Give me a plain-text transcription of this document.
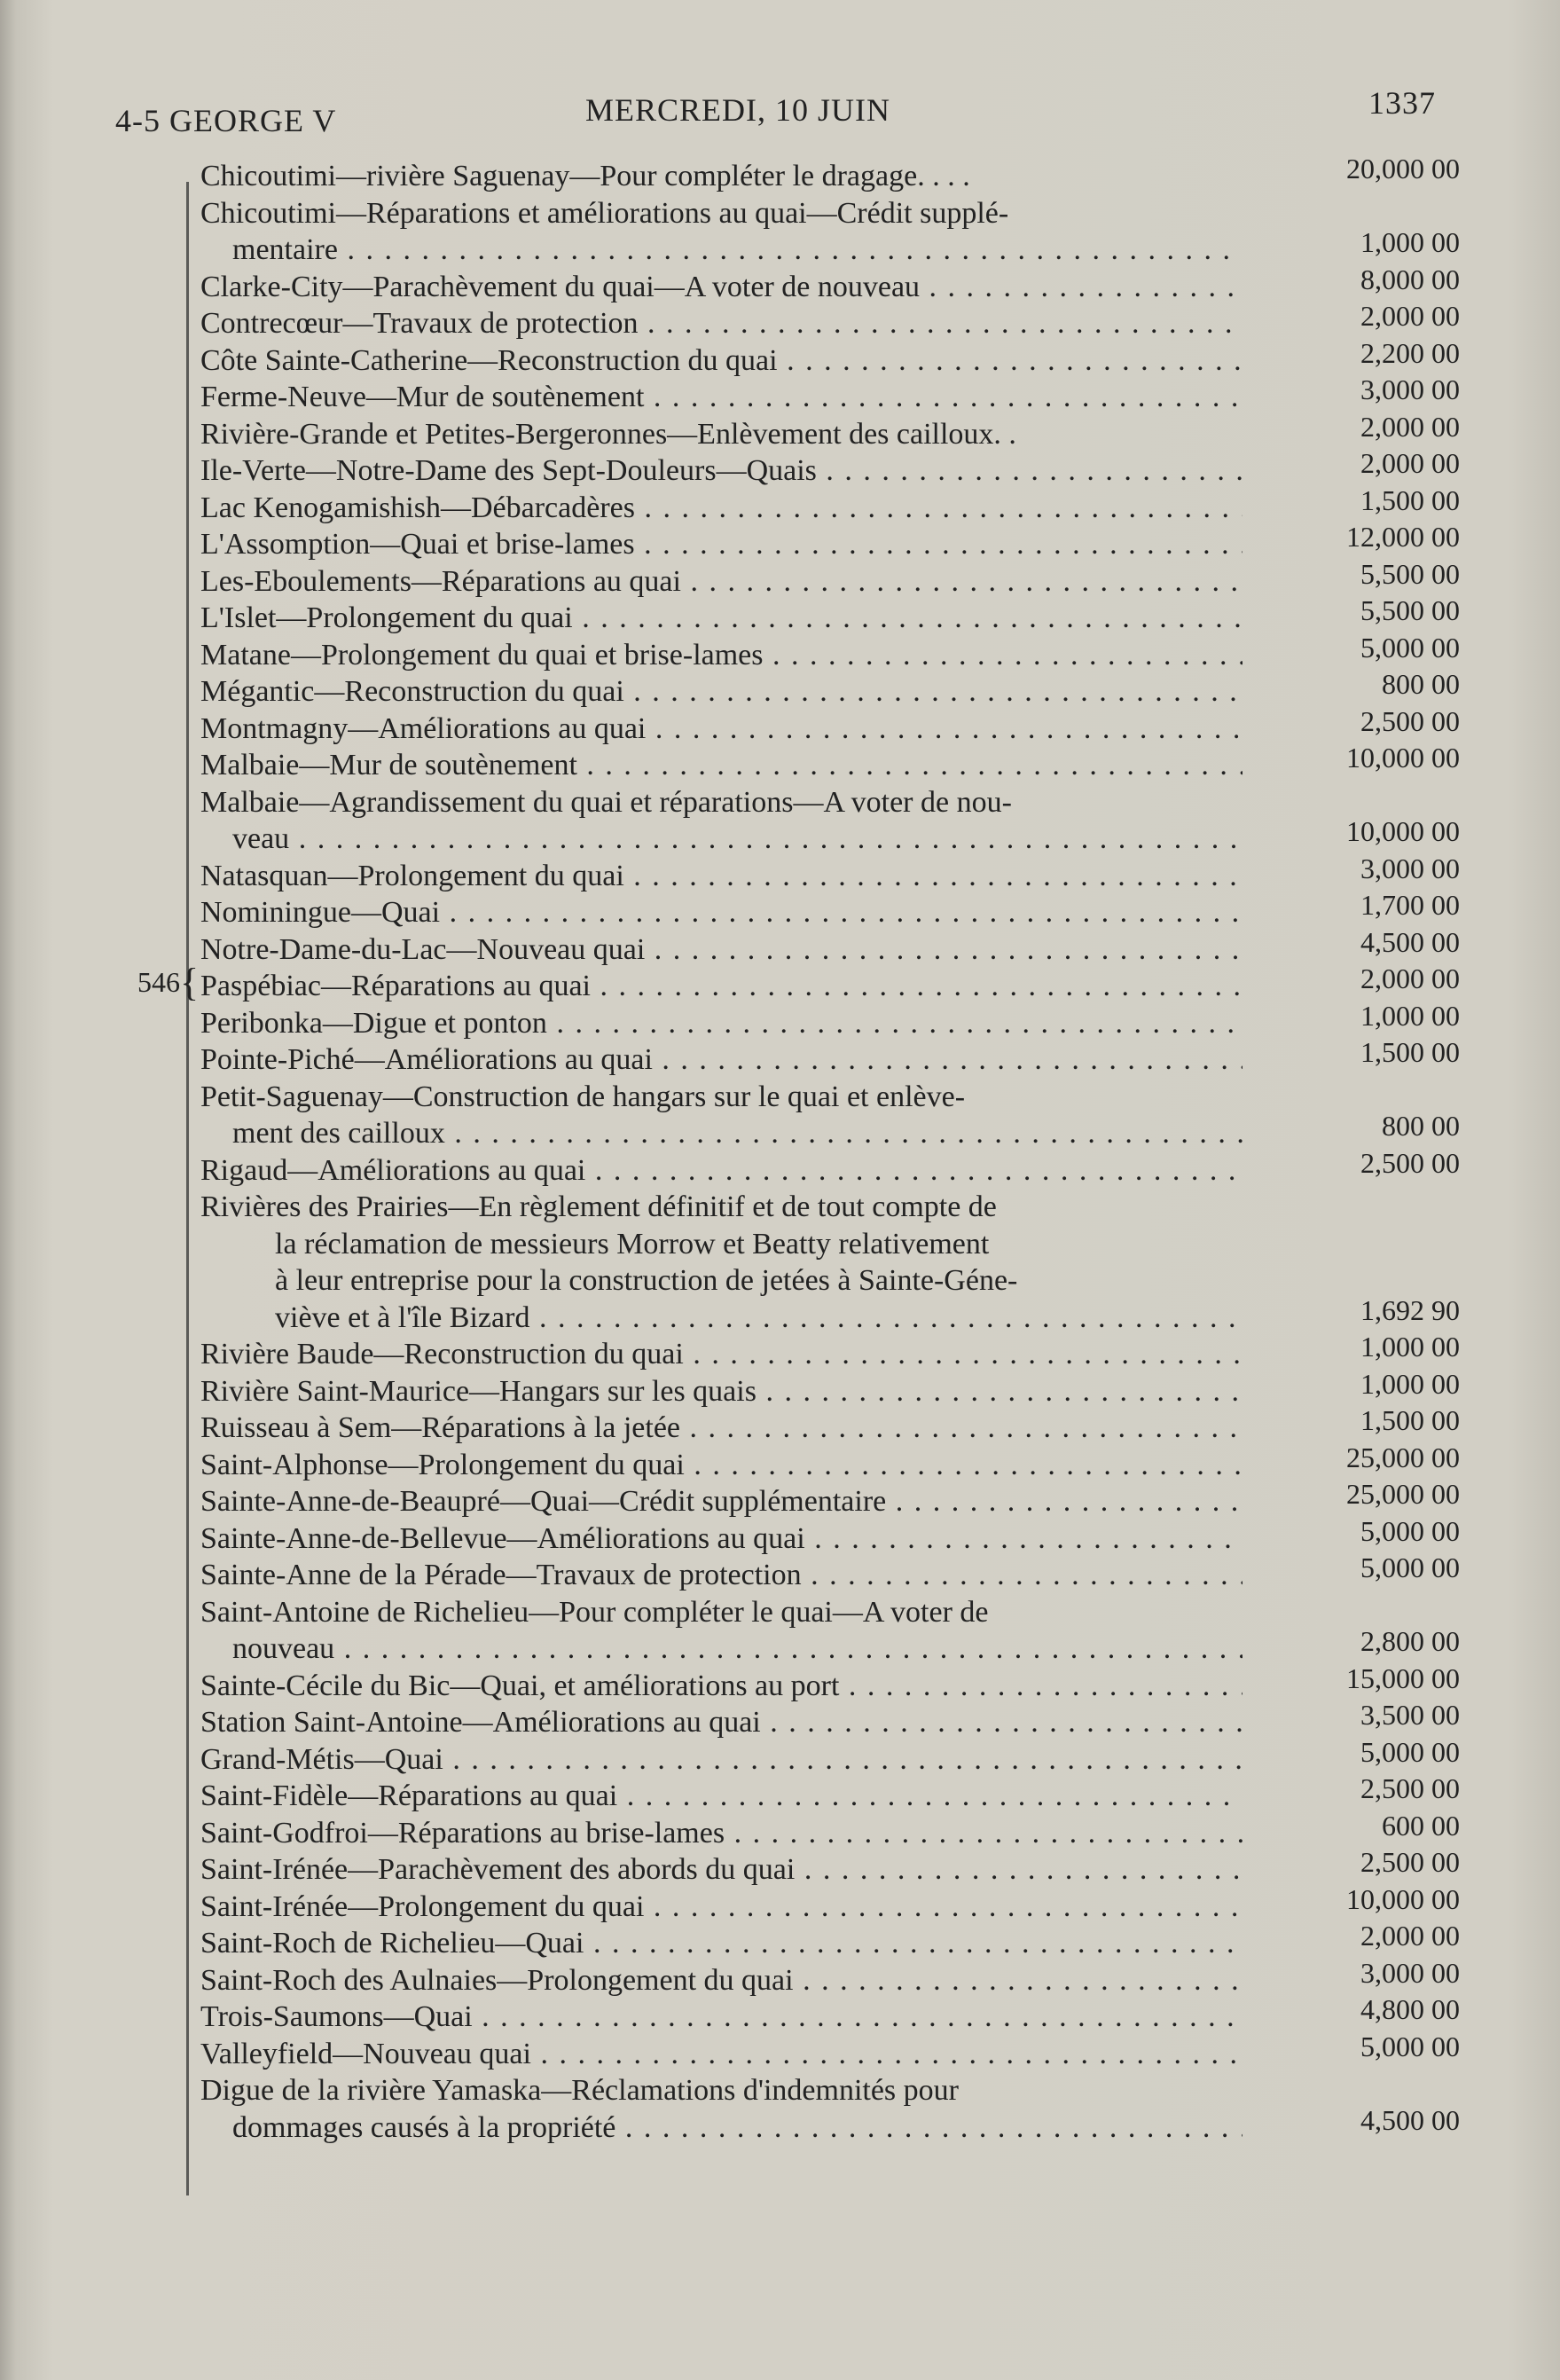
4-5 GEORGE V	MERCREDI, 10 JUIN	1337
546{
Chicoutimi—rivière Saguenay—Pour compléter le dragage. . . .	20,000 00
Chicoutimi—Réparations et améliorations au quai—Crédit supplé-
mentaire . . .	1,000 00
Clarke-City—Parachèvement du quai—A voter de nouveau . . .	8,000 00
Contrecœur—Travaux de protection . . .	2,000 00
Côte Sainte-Catherine—Reconstruction du quai . . .	2,200 00
Ferme-Neuve—Mur de soutènement . . .	3,000 00
Rivière-Grande et Petites-Bergeronnes—Enlèvement des cailloux. .	2,000 00
Ile-Verte—Notre-Dame des Sept-Douleurs—Quais . . .	2,000 00
Lac Kenogamishish—Débarcadères . . .	1,500 00
L'Assomption—Quai et brise-lames . . .	12,000 00
Les-Eboulements—Réparations au quai . . .	5,500 00
L'Islet—Prolongement du quai . . .	5,500 00
Matane—Prolongement du quai et brise-lames . . .	5,000 00
Mégantic—Reconstruction du quai . . .	800 00
Montmagny—Améliorations au quai . . .	2,500 00
Malbaie—Mur de soutènement . . .	10,000 00
Malbaie—Agrandissement du quai et réparations—A voter de nou-
veau . . .	10,000 00
Natasquan—Prolongement du quai . . .	3,000 00
Nominingue—Quai . . .	1,700 00
Notre-Dame-du-Lac—Nouveau quai . . .	4,500 00
Paspébiac—Réparations au quai . . .	2,000 00
Peribonka—Digue et ponton . . .	1,000 00
Pointe-Piché—Améliorations au quai . . .	1,500 00
Petit-Saguenay—Construction de hangars sur le quai et enlève-
ment des cailloux . . .	800 00
Rigaud—Améliorations au quai . . .	2,500 00
Rivières des Prairies—En règlement définitif et de tout compte de
la réclamation de messieurs Morrow et Beatty relativement
à leur entreprise pour la construction de jetées à Sainte-Géne-
viève et à l'île Bizard . . .	1,692 90
Rivière Baude—Reconstruction du quai . . .	1,000 00
Rivière Saint-Maurice—Hangars sur les quais . . .	1,000 00
Ruisseau à Sem—Réparations à la jetée . . .	1,500 00
Saint-Alphonse—Prolongement du quai . . .	25,000 00
Sainte-Anne-de-Beaupré—Quai—Crédit supplémentaire . . .	25,000 00
Sainte-Anne-de-Bellevue—Améliorations au quai . . .	5,000 00
Sainte-Anne de la Pérade—Travaux de protection . . .	5,000 00
Saint-Antoine de Richelieu—Pour compléter le quai—A voter de
nouveau . . .	2,800 00
Sainte-Cécile du Bic—Quai, et améliorations au port . . .	15,000 00
Station Saint-Antoine—Améliorations au quai . . .	3,500 00
Grand-Métis—Quai . . .	5,000 00
Saint-Fidèle—Réparations au quai . . .	2,500 00
Saint-Godfroi—Réparations au brise-lames . . .	600 00
Saint-Irénée—Parachèvement des abords du quai . . .	2,500 00
Saint-Irénée—Prolongement du quai . . .	10,000 00
Saint-Roch de Richelieu—Quai . . .	2,000 00
Saint-Roch des Aulnaies—Prolongement du quai . . .	3,000 00
Trois-Saumons—Quai . . .	4,800 00
Valleyfield—Nouveau quai . . .	5,000 00
Digue de la rivière Yamaska—Réclamations d'indemnités pour
dommages causés à la propriété . . .	4,500 00
